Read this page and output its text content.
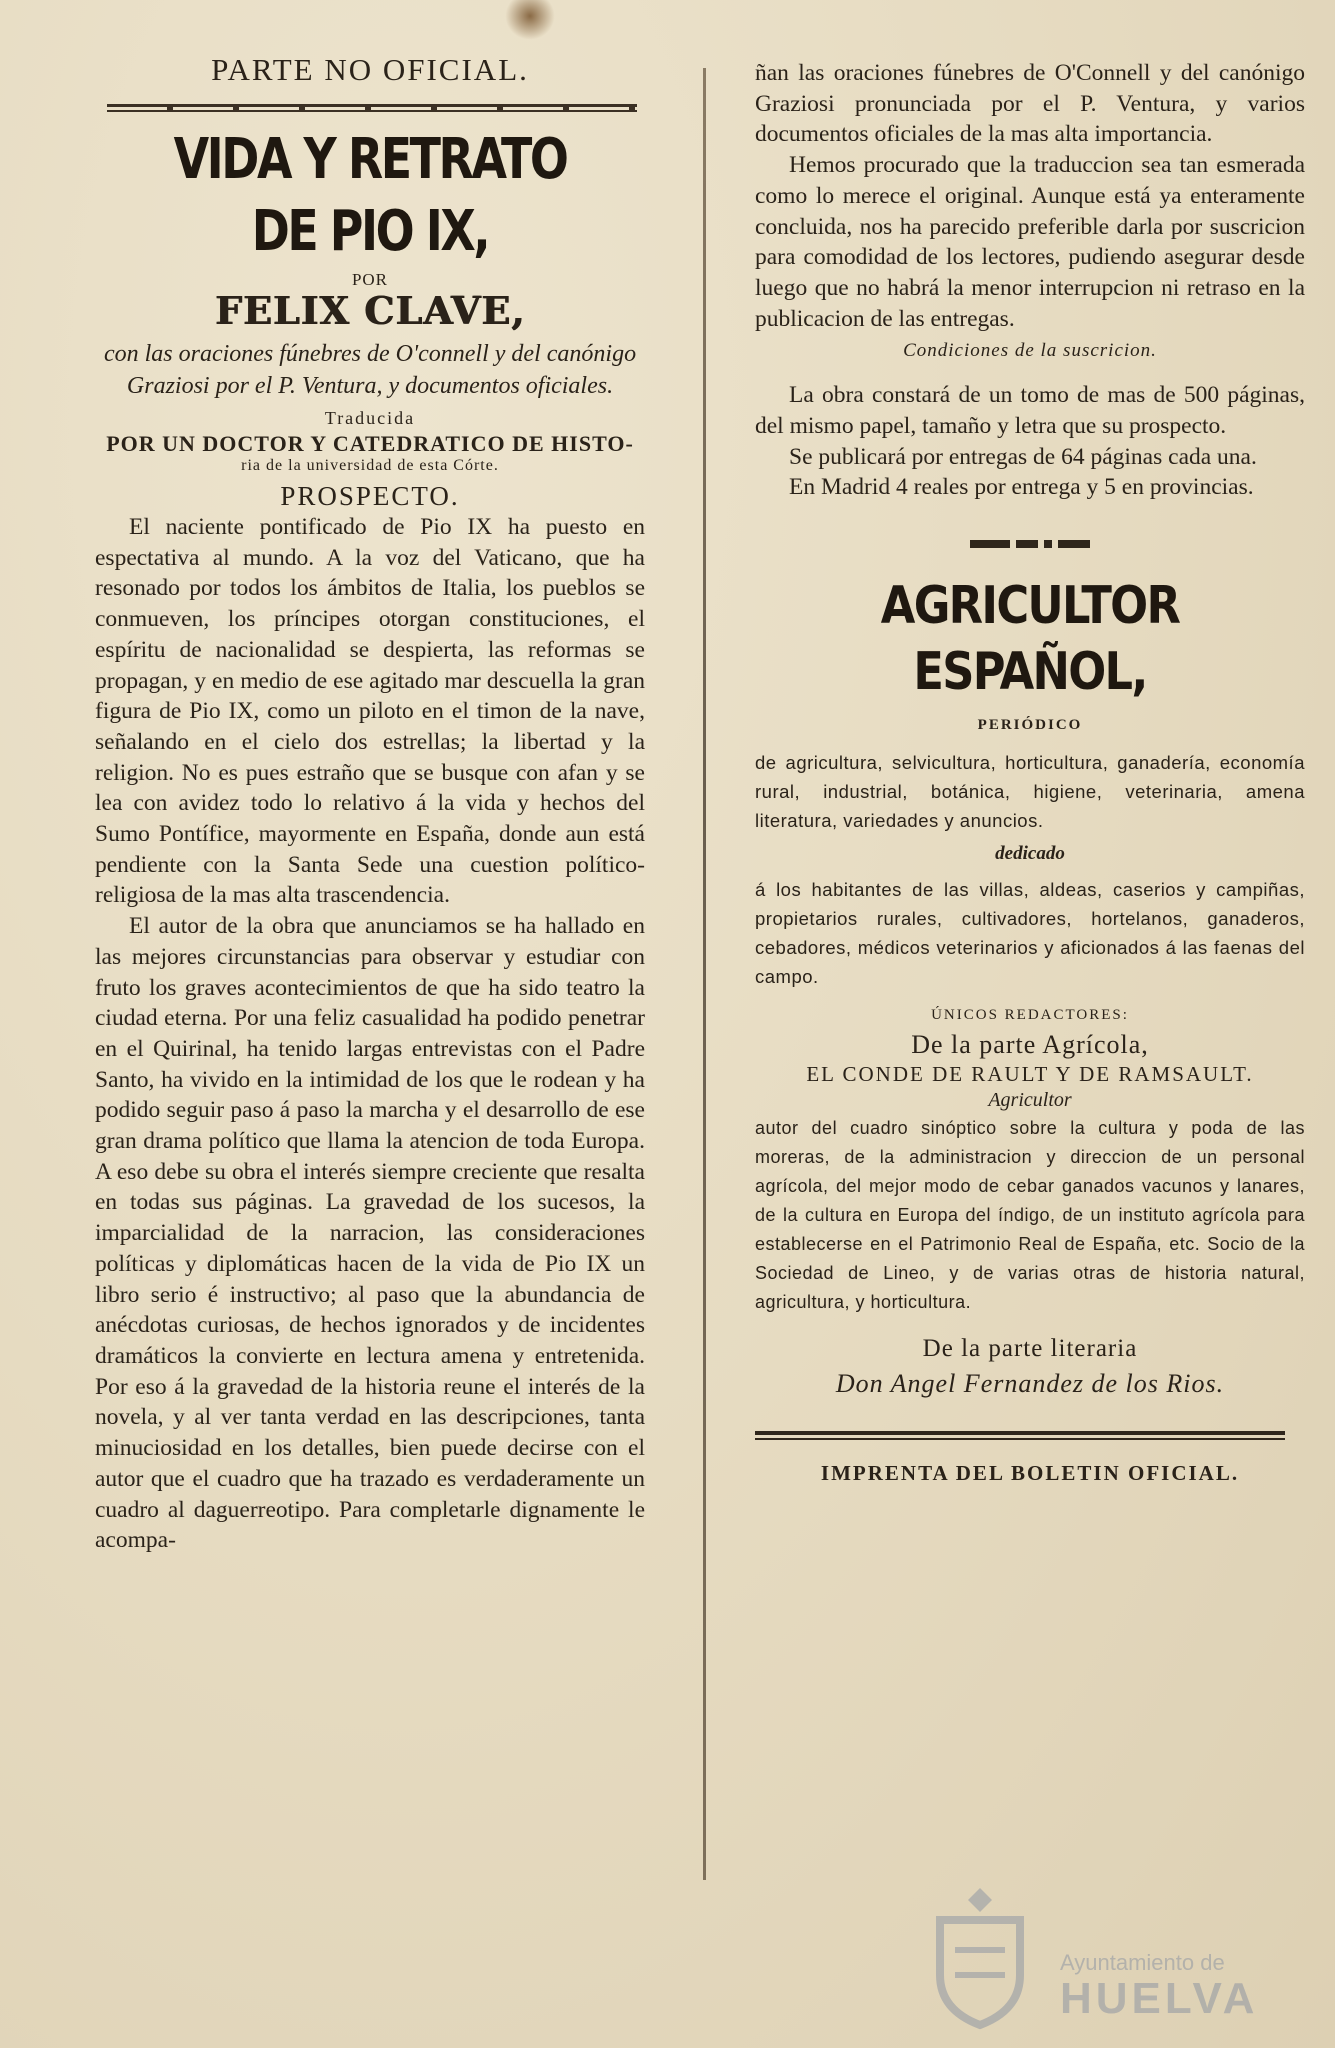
PARTE NO OFICIAL.
VIDA Y RETRATO DE PIO IX,
POR
FELIX CLAVE,
con las oraciones fúnebres de O'connell y del canónigo Graziosi por el P. Ventura, y documentos oficiales.
Traducida
POR UN DOCTOR Y CATEDRATICO DE HISTO-
ria de la universidad de esta Córte.
PROSPECTO.

El naciente pontificado de Pio IX ha puesto en espectativa al mundo. A la voz del Vaticano, que ha resonado por todos los ámbitos de Italia, los pueblos se conmueven, los príncipes otorgan constituciones, el espíritu de nacionalidad se despierta, las reformas se propagan, y en medio de ese agitado mar descuella la gran figura de Pio IX, como un piloto en el timon de la nave, señalando en el cielo dos estrellas; la libertad y la religion. No es pues estraño que se busque con afan y se lea con avidez todo lo relativo á la vida y hechos del Sumo Pontífice, mayormente en España, donde aun está pendiente con la Santa Sede una cuestion político-religiosa de la mas alta trascendencia.

El autor de la obra que anunciamos se ha hallado en las mejores circunstancias para observar y estudiar con fruto los graves acontecimientos de que ha sido teatro la ciudad eterna. Por una feliz casualidad ha podido penetrar en el Quirinal, ha tenido largas entrevistas con el Padre Santo, ha vivido en la intimidad de los que le rodean y ha podido seguir paso á paso la marcha y el desarrollo de ese gran drama político que llama la atencion de toda Europa. A eso debe su obra el interés siempre creciente que resalta en todas sus páginas. La gravedad de los sucesos, la imparcialidad de la narracion, las consideraciones políticas y diplomáticas hacen de la vida de Pio IX un libro serio é instructivo; al paso que la abundancia de anécdotas curiosas, de hechos ignorados y de incidentes dramáticos la convierte en lectura amena y entretenida. Por eso á la gravedad de la historia reune el interés de la novela, y al ver tanta verdad en las descripciones, tanta minuciosidad en los detalles, bien puede decirse con el autor que el cuadro que ha trazado es verdaderamente un cuadro al daguerreotipo. Para completarle dignamente le acompa-

ñan las oraciones fúnebres de O'Connell y del canónigo Graziosi pronunciada por el P. Ventura, y varios documentos oficiales de la mas alta importancia.

Hemos procurado que la traduccion sea tan esmerada como lo merece el original. Aunque está ya enteramente concluida, nos ha parecido preferible darla por suscricion para comodidad de los lectores, pudiendo asegurar desde luego que no habrá la menor interrupcion ni retraso en la publicacion de las entregas.

Condiciones de la suscricion.

La obra constará de un tomo de mas de 500 páginas, del mismo papel, tamaño y letra que su prospecto.

Se publicará por entregas de 64 páginas cada una.

En Madrid 4 reales por entrega y 5 en provincias.

AGRICULTOR ESPAÑOL,
PERIÓDICO
de agricultura, selvicultura, horticultura, ganadería, economía rural, industrial, botánica, higiene, veterinaria, amena literatura, variedades y anuncios.
dedicado
á los habitantes de las villas, aldeas, caserios y campiñas, propietarios rurales, cultivadores, hortelanos, ganaderos, cebadores, médicos veterinarios y aficionados á las faenas del campo.
ÚNICOS REDACTORES:
De la parte Agrícola,
EL CONDE DE RAULT Y DE RAMSAULT.
Agricultor
autor del cuadro sinóptico sobre la cultura y poda de las moreras, de la administracion y direccion de un personal agrícola, del mejor modo de cebar ganados vacunos y lanares, de la cultura en Europa del índigo, de un instituto agrícola para establecerse en el Patrimonio Real de España, etc. Socio de la Sociedad de Lineo, y de varias otras de historia natural, agricultura, y horticultura.
De la parte literaria
Don Angel Fernandez de los Rios.
IMPRENTA DEL BOLETIN OFICIAL.
Ayuntamiento de
HUELVA
